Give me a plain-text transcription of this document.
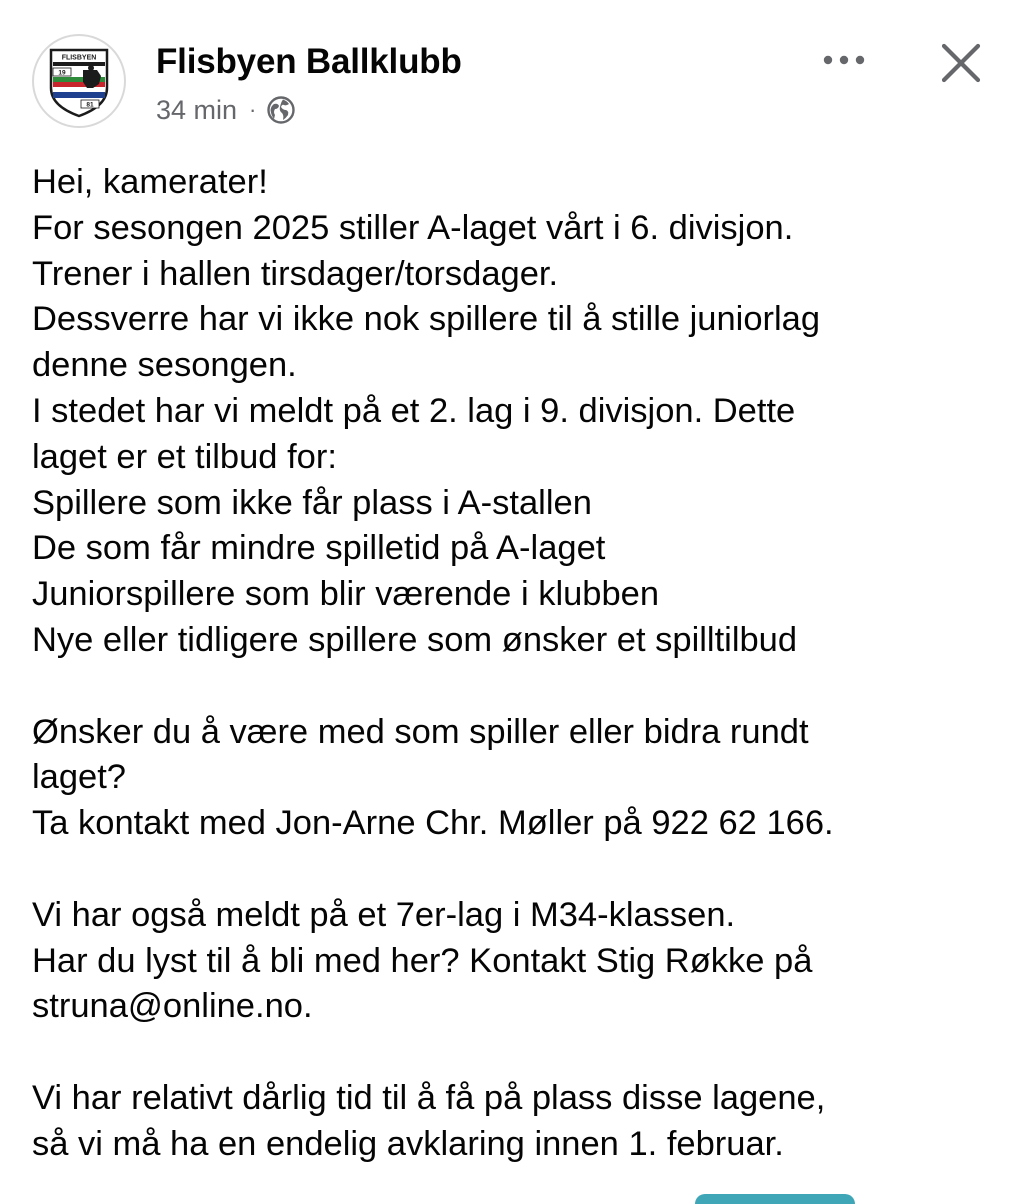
FLISBYEN
19
81
Flisbyen Ballklubb
34 min ·
Hei, kamerater!
For sesongen 2025 stiller A-laget vårt i 6. divisjon.
Trener i hallen tirsdager/torsdager.
Dessverre har vi ikke nok spillere til å stille juniorlag
denne sesongen.
I stedet har vi meldt på et 2. lag i 9. divisjon. Dette
laget er et tilbud for:
Spillere som ikke får plass i A-stallen
De som får mindre spilletid på A-laget
Juniorspillere som blir værende i klubben
Nye eller tidligere spillere som ønsker et spilltilbud
Ønsker du å være med som spiller eller bidra rundt
laget?
Ta kontakt med Jon-Arne Chr. Møller på 922 62 166.
Vi har også meldt på et 7er-lag i M34-klassen.
Har du lyst til å bli med her? Kontakt Stig Røkke på
struna@online.no.
Vi har relativt dårlig tid til å få på plass disse lagene,
så vi må ha en endelig avklaring innen 1. februar.
